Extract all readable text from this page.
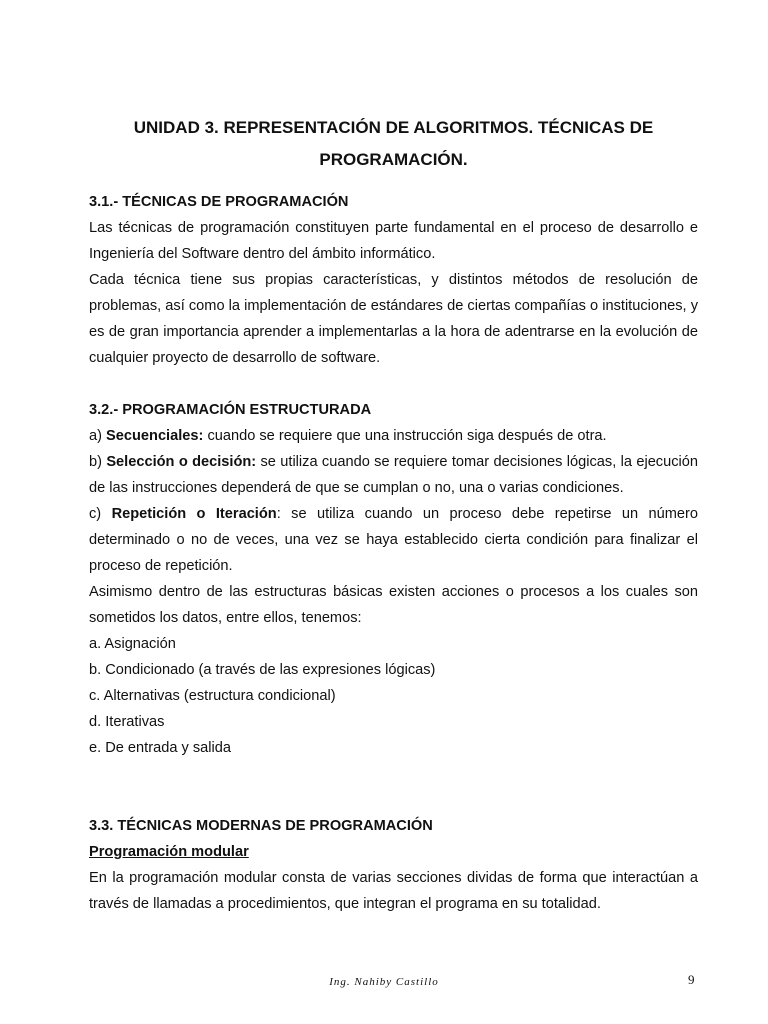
UNIDAD 3. REPRESENTACIÓN DE ALGORITMOS. TÉCNICAS DE
PROGRAMACIÓN.
3.1.- TÉCNICAS DE PROGRAMACIÓN

Las técnicas de programación constituyen parte fundamental en el proceso de desarrollo e Ingeniería del Software dentro del ámbito informático.

Cada técnica tiene sus propias características, y distintos métodos de resolución de problemas, así como la implementación de estándares de ciertas compañías o instituciones, y es de gran importancia aprender a implementarlas a la hora de adentrarse en la evolución de cualquier proyecto de desarrollo de software.

3.2.- PROGRAMACIÓN ESTRUCTURADA

a) Secuenciales: cuando se requiere que una instrucción siga después de otra.

b) Selección o decisión: se utiliza cuando se requiere tomar decisiones lógicas, la ejecución de las instrucciones dependerá de que se cumplan o no, una o varias condiciones.

c) Repetición o Iteración: se utiliza cuando un proceso debe repetirse un número determinado o no de veces, una vez se haya establecido cierta condición para finalizar el proceso de repetición.

Asimismo dentro de las estructuras básicas existen acciones o procesos a los cuales son sometidos los datos, entre ellos, tenemos:

a. Asignación
b. Condicionado (a través de las expresiones lógicas)
c. Alternativas (estructura condicional)
d. Iterativas
e. De entrada y salida
3.3. TÉCNICAS MODERNAS DE PROGRAMACIÓN
Programación modular

En la programación modular consta de varias secciones dividas de forma que interactúan a través de llamadas a procedimientos, que integran el programa en su totalidad.

Ing. Nahiby Castillo	9
